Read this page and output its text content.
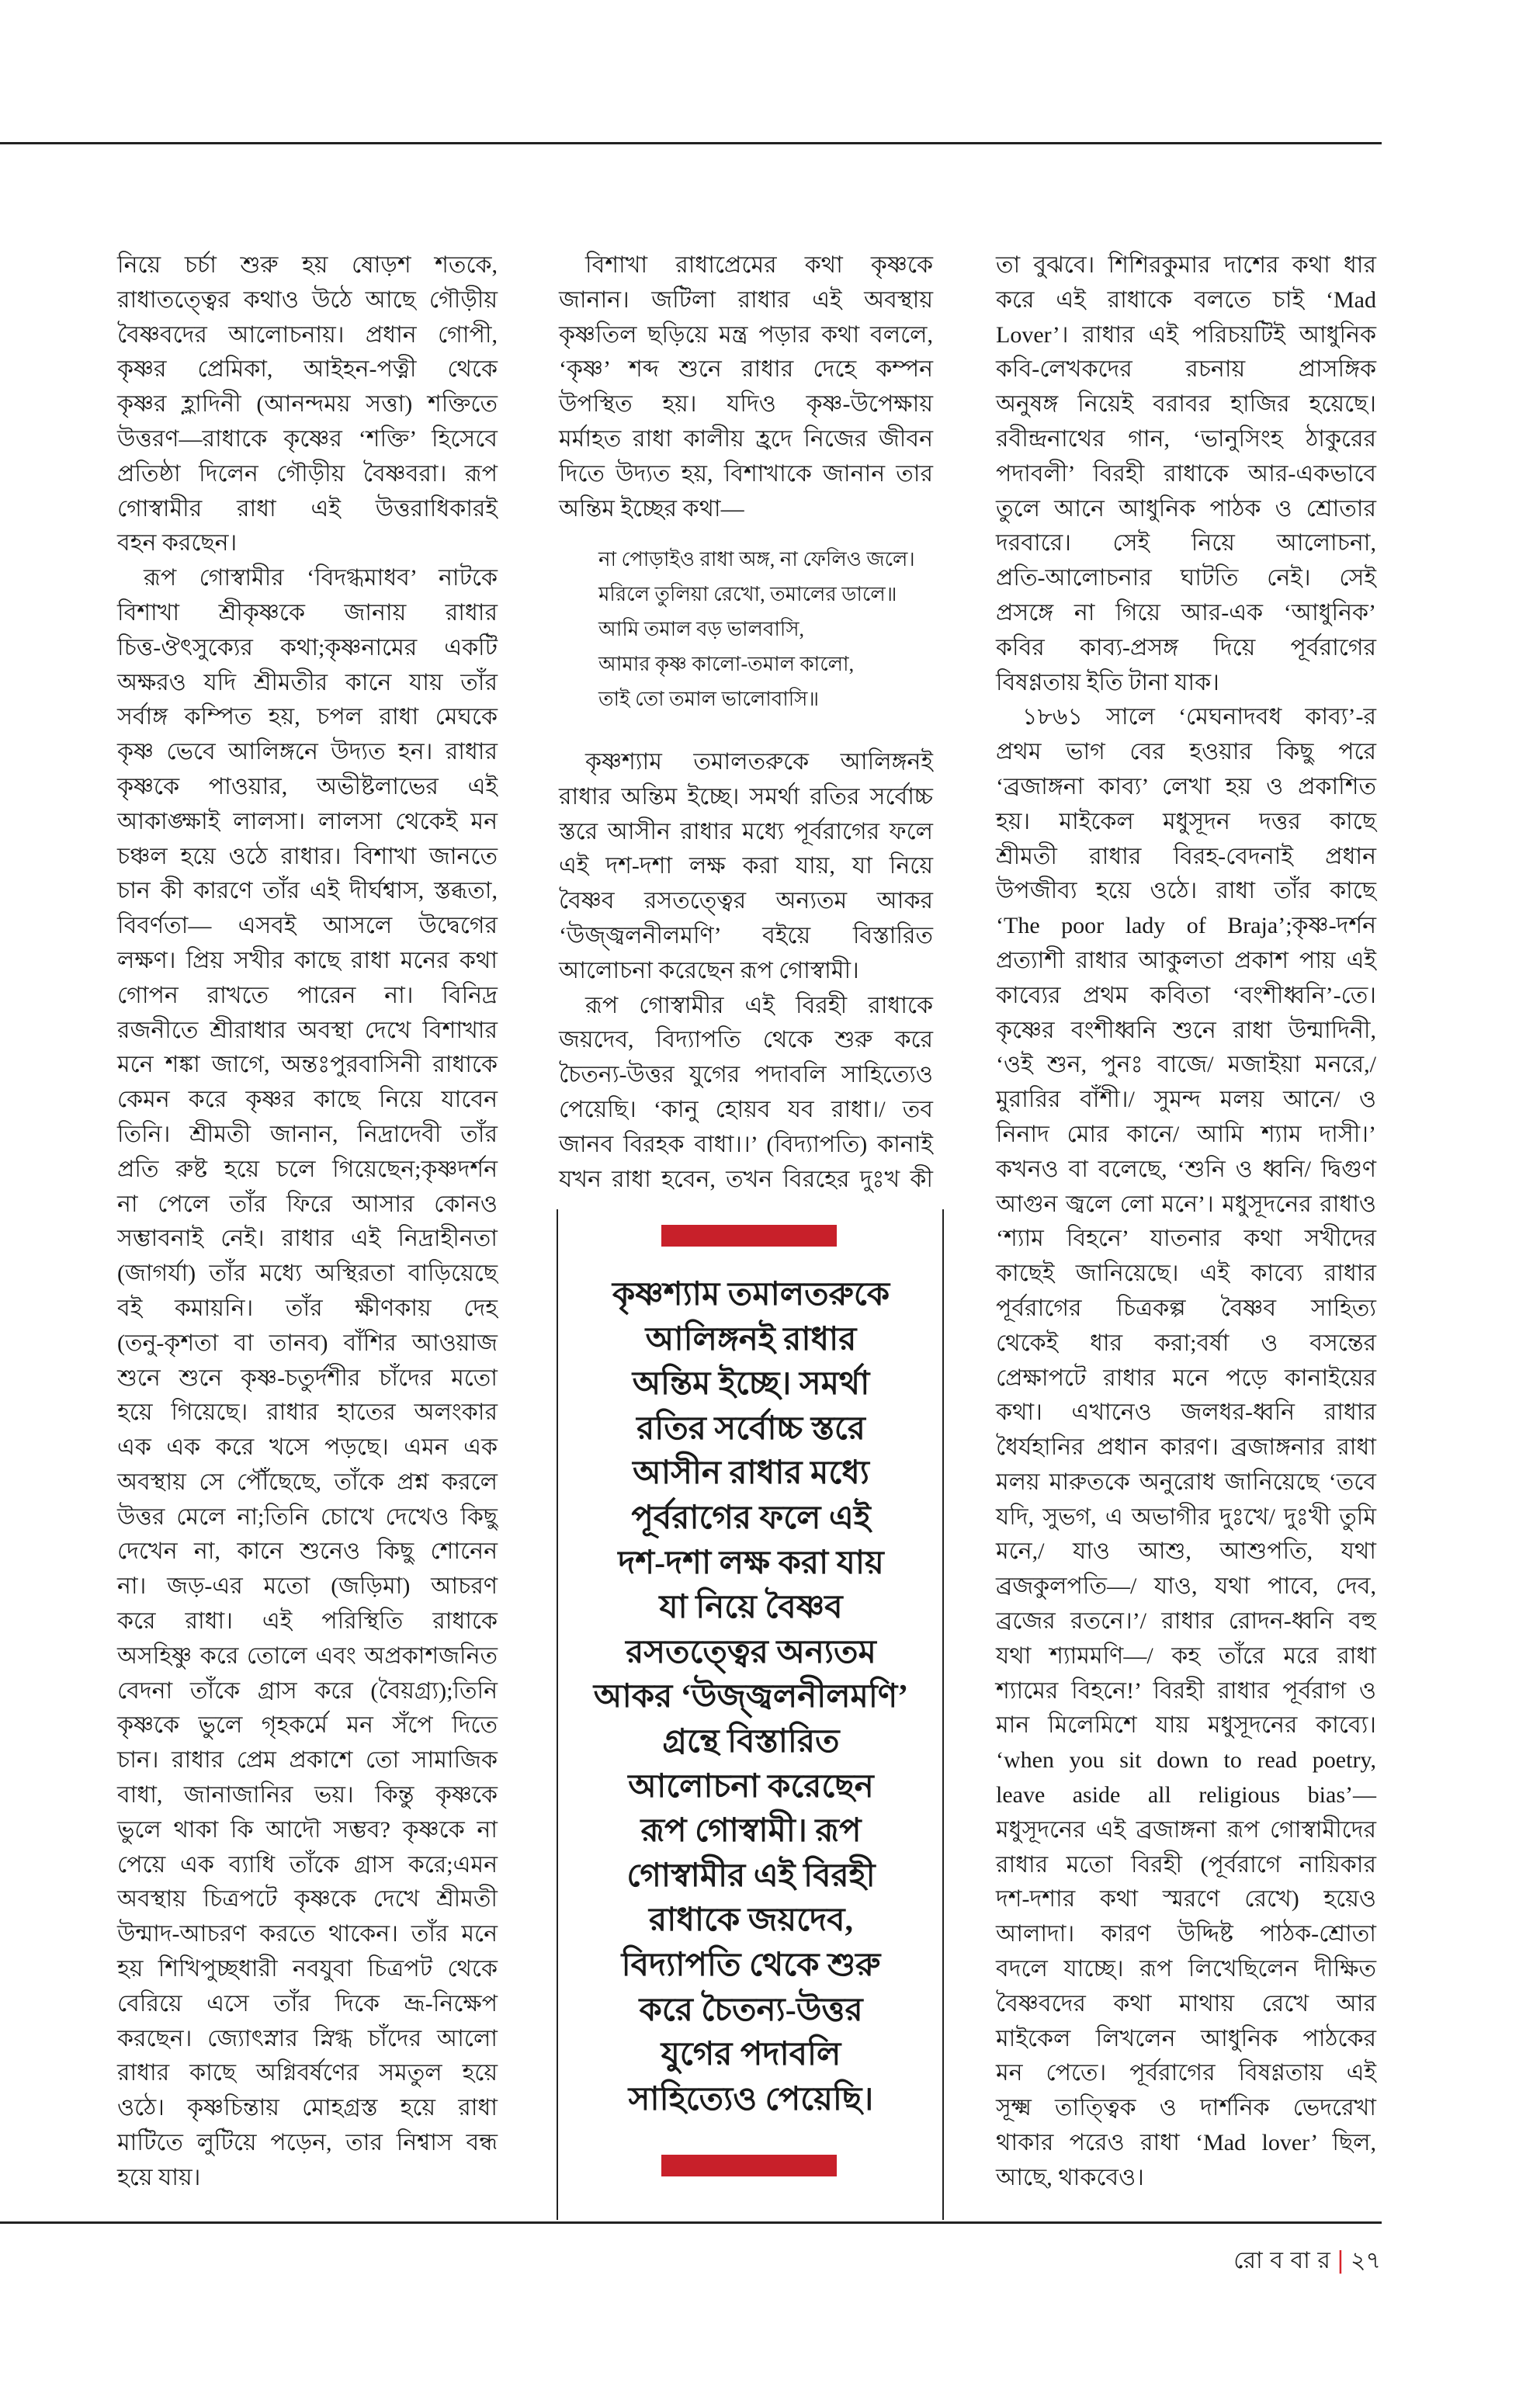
নিয়ে চর্চা শুরু হয় ষোড়শ শতকে,
রাধাতত্ত্বের কথাও উঠে আছে গৌড়ীয়
বৈষ্ণবদের আলোচনায়। প্রধান গোপী,
কৃষ্ণর প্রেমিকা, আইহন-পত্নী থেকে
কৃষ্ণর হ্লাদিনী (আনন্দময় সত্তা) শক্তিতে
উত্তরণ—রাধাকে কৃষ্ণের ‘শক্তি’ হিসেবে
প্রতিষ্ঠা দিলেন গৌড়ীয় বৈষ্ণবরা। রূপ
গোস্বামীর রাধা এই উত্তরাধিকারই
বহন করছেন।
রূপ গোস্বামীর ‘বিদগ্ধমাধব’ নাটকে
বিশাখা শ্রীকৃষ্ণকে জানায় রাধার
চিত্ত-ঔৎসুক্যের কথা;কৃষ্ণনামের একটি
অক্ষরও যদি শ্রীমতীর কানে যায় তাঁর
সর্বাঙ্গ কম্পিত হয়, চপল রাধা মেঘকে
কৃষ্ণ ভেবে আলিঙ্গনে উদ্যত হন। রাধার
কৃষ্ণকে পাওয়ার, অভীষ্টলাভের এই
আকাঙ্ক্ষাই লালসা। লালসা থেকেই মন
চঞ্চল হয়ে ওঠে রাধার। বিশাখা জানতে
চান কী কারণে তাঁর এই দীর্ঘশ্বাস, স্তব্ধতা,
বিবর্ণতা— এসবই আসলে উদ্বেগের
লক্ষণ। প্রিয় সখীর কাছে রাধা মনের কথা
গোপন রাখতে পারেন না। বিনিদ্র
রজনীতে শ্রীরাধার অবস্থা দেখে বিশাখার
মনে শঙ্কা জাগে, অন্তঃপুরবাসিনী রাধাকে
কেমন করে কৃষ্ণর কাছে নিয়ে যাবেন
তিনি। শ্রীমতী জানান, নিদ্রাদেবী তাঁর
প্রতি রুষ্ট হয়ে চলে গিয়েছেন;কৃষ্ণদর্শন
না পেলে তাঁর ফিরে আসার কোনও
সম্ভাবনাই নেই। রাধার এই নিদ্রাহীনতা
(জাগর্যা) তাঁর মধ্যে অস্থিরতা বাড়িয়েছে
বই কমায়নি। তাঁর ক্ষীণকায় দেহ
(তনু-কৃশতা বা তানব) বাঁশির আওয়াজ
শুনে শুনে কৃষ্ণ-চতুর্দশীর চাঁদের মতো
হয়ে গিয়েছে। রাধার হাতের অলংকার
এক এক করে খসে পড়ছে। এমন এক
অবস্থায় সে পৌঁছেছে, তাঁকে প্রশ্ন করলে
উত্তর মেলে না;তিনি চোখে দেখেও কিছু
দেখেন না, কানে শুনেও কিছু শোনেন
না। জড়-এর মতো (জড়িমা) আচরণ
করে রাধা। এই পরিস্থিতি রাধাকে
অসহিষ্ণু করে তোলে এবং অপ্রকাশজনিত
বেদনা তাঁকে গ্রাস করে (বৈয়গ্র্য);তিনি
কৃষ্ণকে ভুলে গৃহকর্মে মন সঁপে দিতে
চান। রাধার প্রেম প্রকাশে তো সামাজিক
বাধা, জানাজানির ভয়। কিন্তু কৃষ্ণকে
ভুলে থাকা কি আদৌ সম্ভব? কৃষ্ণকে না
পেয়ে এক ব্যাধি তাঁকে গ্রাস করে;এমন
অবস্থায় চিত্রপটে কৃষ্ণকে দেখে শ্রীমতী
উন্মাদ-আচরণ করতে থাকেন। তাঁর মনে
হয় শিখিপুচ্ছধারী নবযুবা চিত্রপট থেকে
বেরিয়ে এসে তাঁর দিকে ভ্রূ-নিক্ষেপ
করছেন। জ্যোৎস্নার স্নিগ্ধ চাঁদের আলো
রাধার কাছে অগ্নিবর্ষণের সমতুল হয়ে
ওঠে। কৃষ্ণচিন্তায় মোহগ্রস্ত হয়ে রাধা
মাটিতে লুটিয়ে পড়েন, তার নিশ্বাস বন্ধ
হয়ে যায়।
বিশাখা রাধাপ্রেমের কথা কৃষ্ণকে
জানান। জটিলা রাধার এই অবস্থায়
কৃষ্ণতিল ছড়িয়ে মন্ত্র পড়ার কথা বললে,
‘কৃষ্ণ’ শব্দ শুনে রাধার দেহে কম্পন
উপস্থিত হয়। যদিও কৃষ্ণ-উপেক্ষায়
মর্মাহত রাধা কালীয় হ্রদে নিজের জীবন
দিতে উদ্যত হয়, বিশাখাকে জানান তার
অন্তিম ইচ্ছের কথা—
না পোড়াইও রাধা অঙ্গ, না ফেলিও জলে।
মরিলে তুলিয়া রেখো, তমালের ডালে॥
আমি তমাল বড় ভালবাসি,
আমার কৃষ্ণ কালো-তমাল কালো,
তাই তো তমাল ভালোবাসি॥
কৃষ্ণশ্যাম তমালতরুকে আলিঙ্গনই
রাধার অন্তিম ইচ্ছে। সমর্থা রতির সর্বোচ্চ
স্তরে আসীন রাধার মধ্যে পূর্বরাগের ফলে
এই দশ-দশা লক্ষ করা যায়, যা নিয়ে
বৈষ্ণব রসতত্ত্বের অন্যতম আকর
‘উজ্জ্বলনীলমণি’ বইয়ে বিস্তারিত
আলোচনা করেছেন রূপ গোস্বামী।
রূপ গোস্বামীর এই বিরহী রাধাকে
জয়দেব, বিদ্যাপতি থেকে শুরু করে
চৈতন্য-উত্তর যুগের পদাবলি সাহিত্যেও
পেয়েছি। ‘কানু হোয়ব যব রাধা।/ তব
জানব বিরহক বাধা।।’ (বিদ্যাপতি) কানাই
যখন রাধা হবেন, তখন বিরহের দুঃখ কী
তা বুঝবে। শিশিরকুমার দাশের কথা ধার
করে এই রাধাকে বলতে চাই ‘Mad
Lover’। রাধার এই পরিচয়টিই আধুনিক
কবি-লেখকদের রচনায় প্রাসঙ্গিক
অনুষঙ্গ নিয়েই বরাবর হাজির হয়েছে।
রবীন্দ্রনাথের গান, ‘ভানুসিংহ ঠাকুরের
পদাবলী’ বিরহী রাধাকে আর-একভাবে
তুলে আনে আধুনিক পাঠক ও শ্রোতার
দরবারে। সেই নিয়ে আলোচনা,
প্রতি-আলোচনার ঘাটতি নেই। সেই
প্রসঙ্গে না গিয়ে আর-এক ‘আধুনিক’
কবির কাব্য-প্রসঙ্গ দিয়ে পূর্বরাগের
বিষণ্ণতায় ইতি টানা যাক।
১৮৬১ সালে ‘মেঘনাদবধ কাব্য’-র
প্রথম ভাগ বের হওয়ার কিছু পরে
‘ব্রজাঙ্গনা কাব্য’ লেখা হয় ও প্রকাশিত
হয়। মাইকেল মধুসূদন দত্তর কাছে
শ্রীমতী রাধার বিরহ-বেদনাই প্রধান
উপজীব্য হয়ে ওঠে। রাধা তাঁর কাছে
‘The poor lady of Braja’;কৃষ্ণ-দর্শন
প্রত্যাশী রাধার আকুলতা প্রকাশ পায় এই
কাব্যের প্রথম কবিতা ‘বংশীধ্বনি’-তে।
কৃষ্ণের বংশীধ্বনি শুনে রাধা উন্মাদিনী,
‘ওই শুন, পুনঃ বাজে/ মজাইয়া মনরে,/
মুরারির বাঁশী।/ সুমন্দ মলয় আনে/ ও
নিনাদ মোর কানে/ আমি শ্যাম দাসী।’
কখনও বা বলেছে, ‘শুনি ও ধ্বনি/ দ্বিগুণ
আগুন জ্বলে লো মনে’। মধুসূদনের রাধাও
‘শ্যাম বিহনে’ যাতনার কথা সখীদের
কাছেই জানিয়েছে। এই কাব্যে রাধার
পূর্বরাগের চিত্রকল্প বৈষ্ণব সাহিত্য
থেকেই ধার করা;বর্ষা ও বসন্তের
প্রেক্ষাপটে রাধার মনে পড়ে কানাইয়ের
কথা। এখানেও জলধর-ধ্বনি রাধার
ধৈর্যহানির প্রধান কারণ। ব্রজাঙ্গনার রাধা
মলয় মারুতকে অনুরোধ জানিয়েছে ‘তবে
যদি, সুভগ, এ অভাগীর দুঃখে/ দুঃখী তুমি
মনে,/ যাও আশু, আশুপতি, যথা
ব্রজকুলপতি—/ যাও, যথা পাবে, দেব,
ব্রজের রতনে।’/ রাধার রোদন-ধ্বনি বহু
যথা শ্যামমণি—/ কহ তাঁরে মরে রাধা
শ্যামের বিহনে!’ বিরহী রাধার পূর্বরাগ ও
মান মিলেমিশে যায় মধুসূদনের কাব্যে।
‘when you sit down to read poetry,
leave aside all religious bias’—
মধুসূদনের এই ব্রজাঙ্গনা রূপ গোস্বামীদের
রাধার মতো বিরহী (পূর্বরাগে নায়িকার
দশ-দশার কথা স্মরণে রেখে) হয়েও
আলাদা। কারণ উদ্দিষ্ট পাঠক-শ্রোতা
বদলে যাচ্ছে। রূপ লিখেছিলেন দীক্ষিত
বৈষ্ণবদের কথা মাথায় রেখে আর
মাইকেল লিখলেন আধুনিক পাঠকের
মন পেতে। পূর্বরাগের বিষণ্ণতায় এই
সূক্ষ্ম তাত্ত্বিক ও দার্শনিক ভেদরেখা
থাকার পরেও রাধা ‘Mad lover’ ছিল,
আছে, থাকবেও।
কৃষ্ণশ্যাম তমালতরুকে
আলিঙ্গনই রাধার
অন্তিম ইচ্ছে। সমর্থা
রতির সর্বোচ্চ স্তরে
আসীন রাধার মধ্যে
পূর্বরাগের ফলে এই
দশ-দশা লক্ষ করা যায়
যা নিয়ে বৈষ্ণব
রসতত্ত্বের অন্যতম
আকর ‘উজ্জ্বলনীলমণি’
গ্রন্থে বিস্তারিত
আলোচনা করেছেন
রূপ গোস্বামী। রূপ
গোস্বামীর এই বিরহী
রাধাকে জয়দেব,
বিদ্যাপতি থেকে শুরু
করে চৈতন্য-উত্তর
যুগের পদাবলি
সাহিত্যেও পেয়েছি।
রো ব বা র | ২৭
